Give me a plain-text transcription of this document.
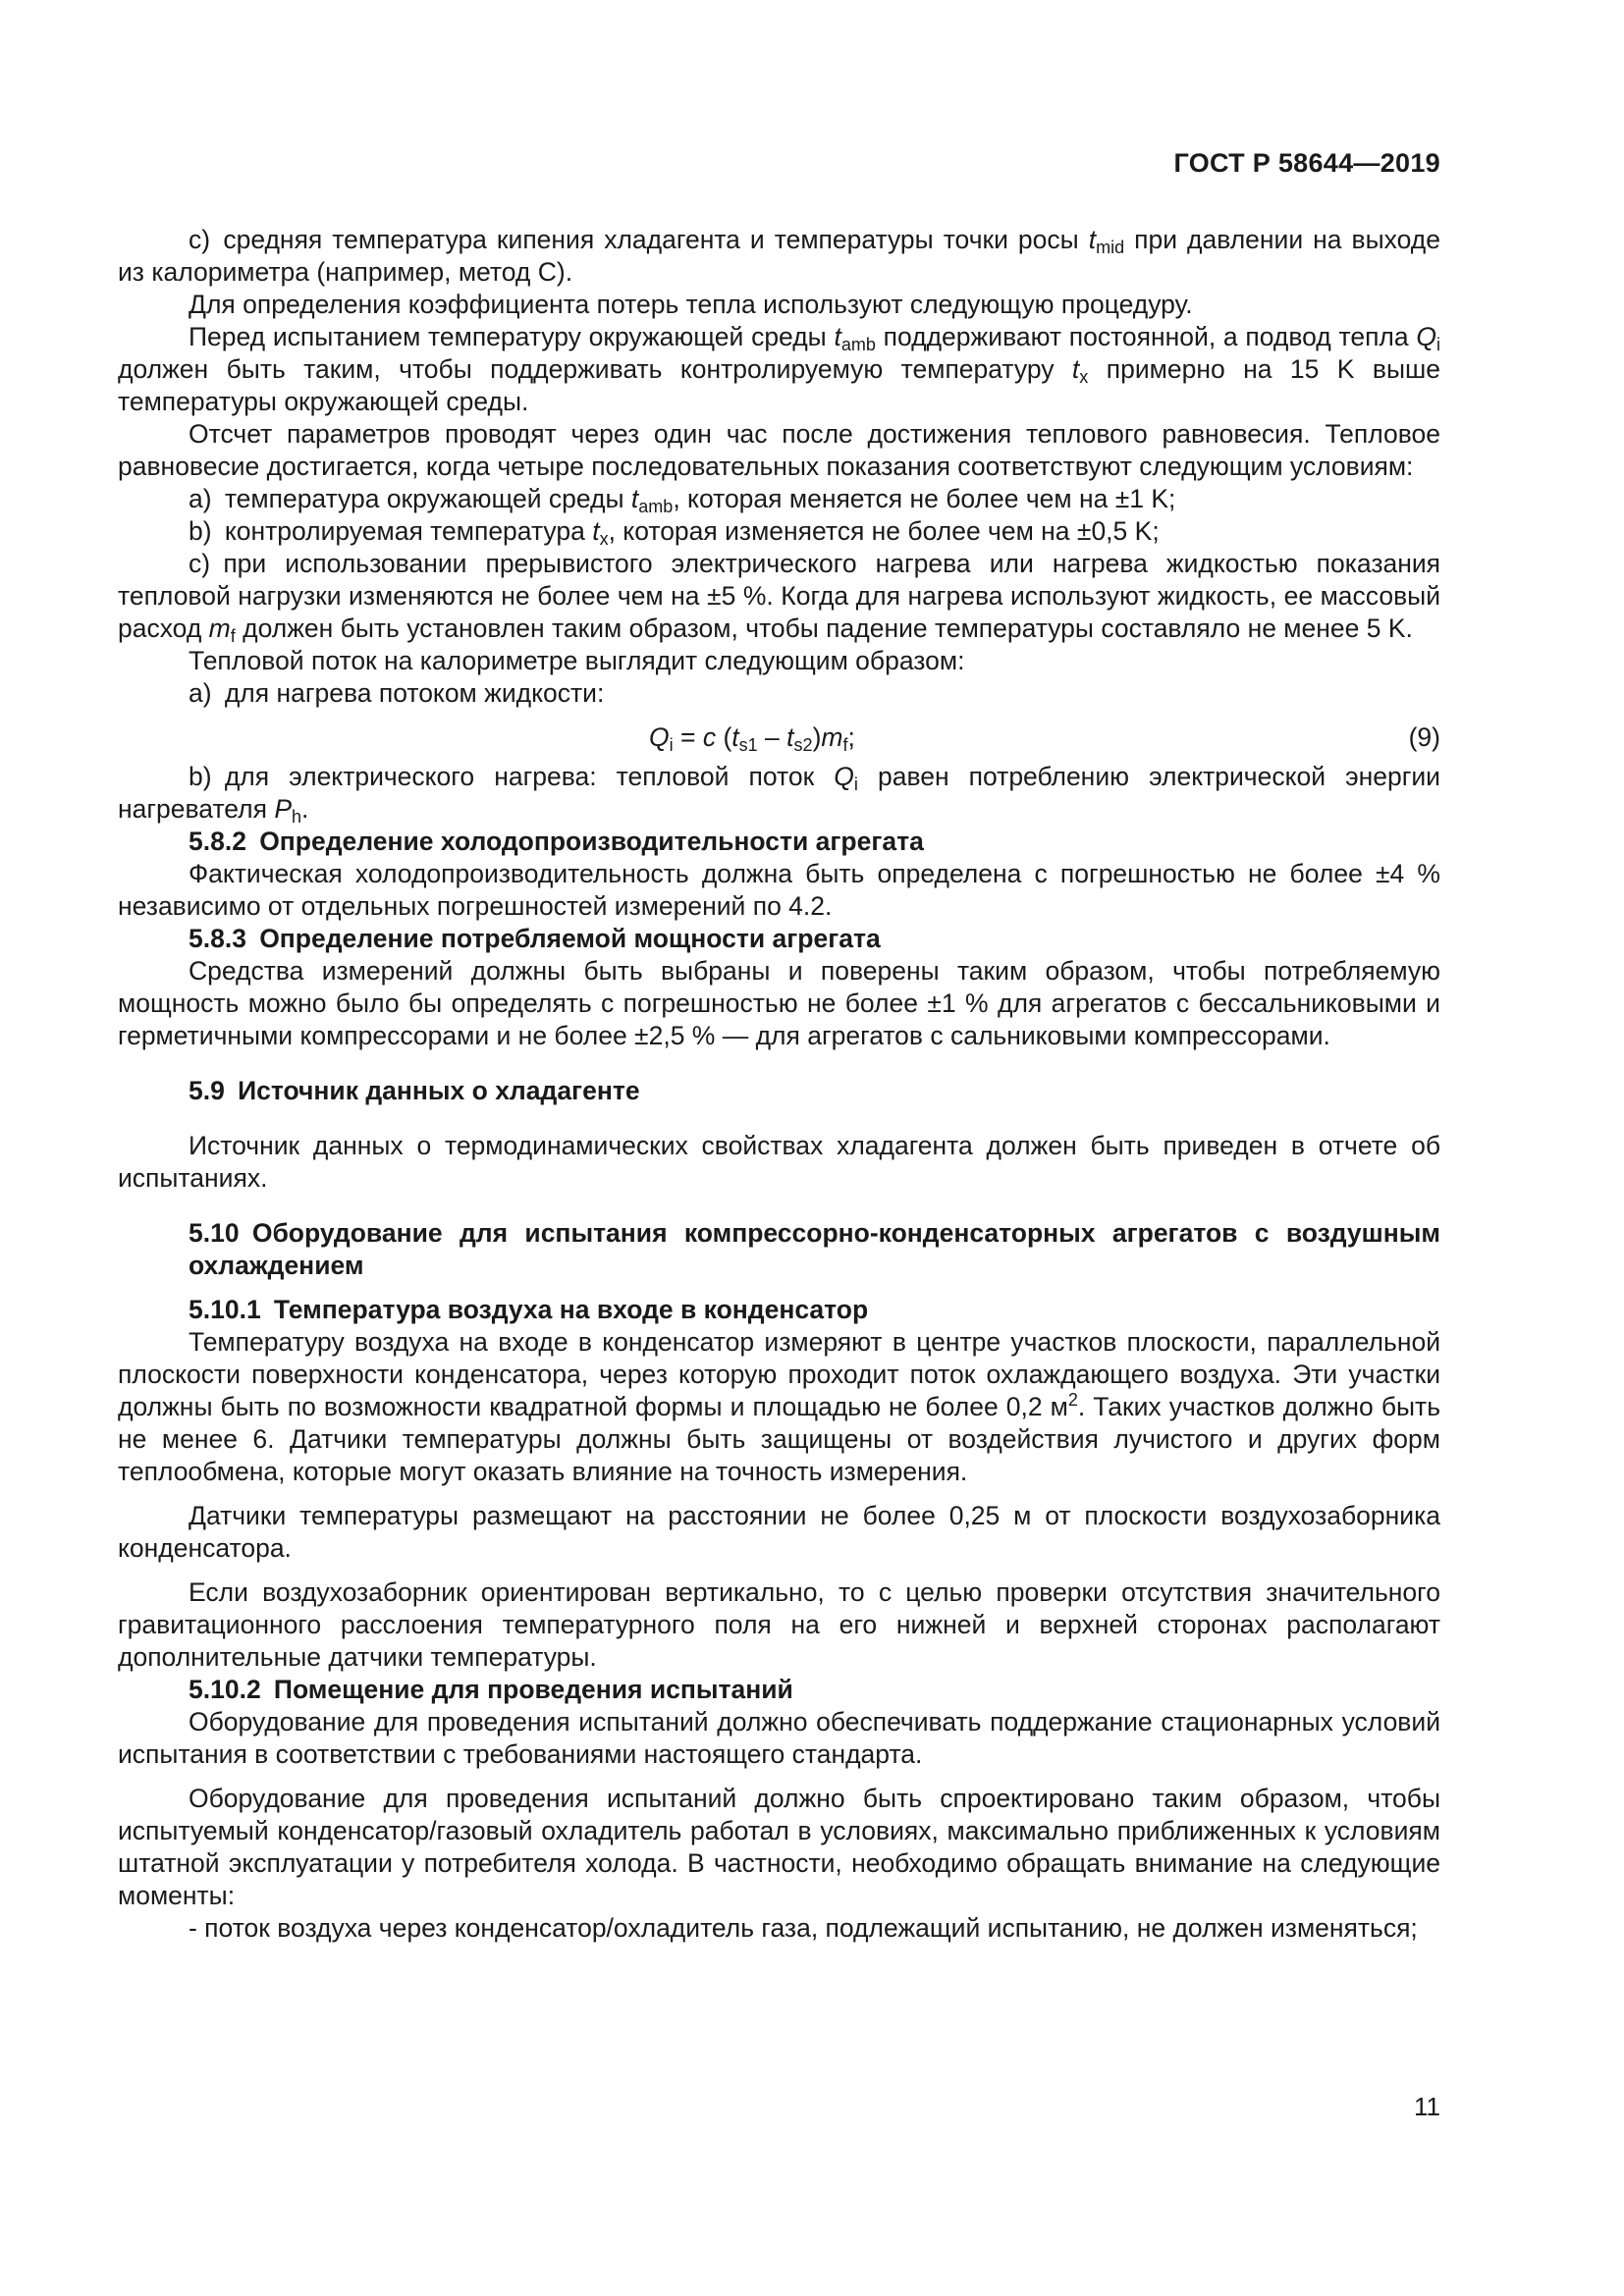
ГОСТ Р 58644—2019

c) средняя температура кипения хладагента и температуры точки росы $t_{mid}$ при давлении на выходе из калориметра (например, метод C).

Для определения коэффициента потерь тепла используют следующую процедуру.

Перед испытанием температуру окружающей среды $t_{amb}$ поддерживают постоянной, а подвод тепла $Q_i$ должен быть таким, чтобы поддерживать контролируемую температуру $t_x$ примерно на 15 K выше температуры окружающей среды.

Отсчет параметров проводят через один час после достижения теплового равновесия. Тепловое равновесие достигается, когда четыре последовательных показания соответствуют следующим условиям:

a) температура окружающей среды $t_{amb}$, которая меняется не более чем на ±1 K;

b) контролируемая температура $t_x$, которая изменяется не более чем на ±0,5 K;

c) при использовании прерывистого электрического нагрева или нагрева жидкостью показания тепловой нагрузки изменяются не более чем на ±5 %. Когда для нагрева используют жидкость, ее массовый расход $m_f$ должен быть установлен таким образом, чтобы падение температуры составляло не менее 5 K.

Тепловой поток на калориметре выглядит следующим образом:

a) для нагрева потоком жидкости:

$Q_i = c$ $(t_{s1} - t_{s2})m_f$;	(9)

b) для электрического нагрева: тепловой поток $Q_i$ равен потреблению электрической энергии нагревателя $P_h$.

5.8.2 Определение холодопроизводительности агрегата

Фактическая холодопроизводительность должна быть определена с погрешностью не более ±4 % независимо от отдельных погрешностей измерений по 4.2.

5.8.3 Определение потребляемой мощности агрегата

Средства измерений должны быть выбраны и поверены таким образом, чтобы потребляемую мощность можно было бы определять с погрешностью не более ±1 % для агрегатов с бессальниковыми и герметичными компрессорами и не более ±2,5 % — для агрегатов с сальниковыми компрессорами.

5.9 Источник данных о хладагенте

Источник данных о термодинамических свойствах хладагента должен быть приведен в отчете об испытаниях.

5.10 Оборудование для испытания компрессорно-конденсаторных агрегатов с воздушным охлаждением

5.10.1 Температура воздуха на входе в конденсатор

Температуру воздуха на входе в конденсатор измеряют в центре участков плоскости, параллельной плоскости поверхности конденсатора, через которую проходит поток охлаждающего воздуха. Эти участки должны быть по возможности квадратной формы и площадью не более 0,2 $м^2$. Таких участков должно быть не менее 6. Датчики температуры должны быть защищены от воздействия лучистого и других форм теплообмена, которые могут оказать влияние на точность измерения.

Датчики температуры размещают на расстоянии не более 0,25 м от плоскости воздухозаборника конденсатора.

Если воздухозаборник ориентирован вертикально, то с целью проверки отсутствия значительного гравитационного расслоения температурного поля на его нижней и верхней сторонах располагают дополнительные датчики температуры.

5.10.2 Помещение для проведения испытаний

Оборудование для проведения испытаний должно обеспечивать поддержание стационарных условий испытания в соответствии с требованиями настоящего стандарта.

Оборудование для проведения испытаний должно быть спроектировано таким образом, чтобы испытуемый конденсатор/газовый охладитель работал в условиях, максимально приближенных к условиям штатной эксплуатации у потребителя холода. В частности, необходимо обращать внимание на следующие моменты:

- поток воздуха через конденсатор/охладитель газа, подлежащий испытанию, не должен изменяться;

11
